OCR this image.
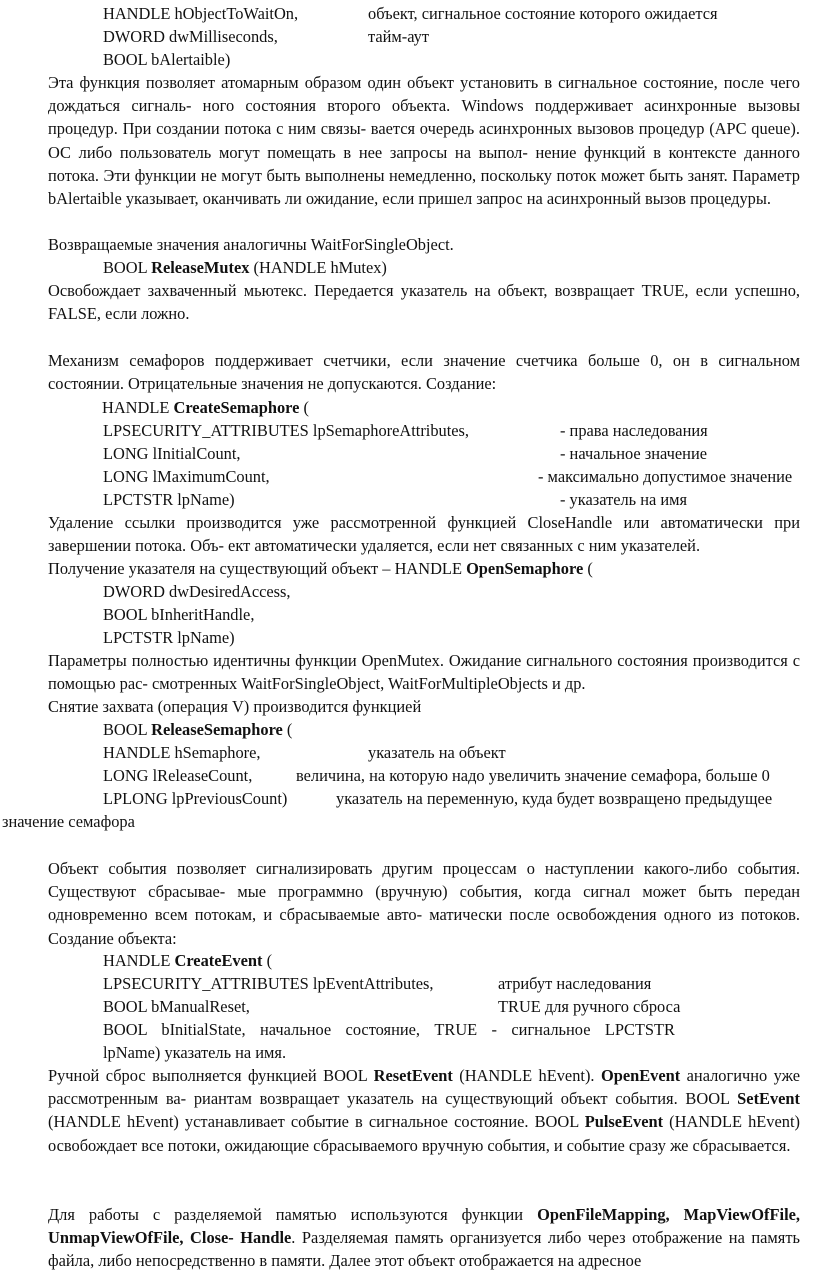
HANDLE hObjectToWaitOn,	объект, сигнальное состояние которого ожидается
DWORD dwMilliseconds,	тайм-аут
BOOL bAlertaible)
Эта функция позволяет атомарным образом один объект установить в сигнальное состояние, после чего дождаться сигналь- ного состояния второго объекта. Windows поддерживает асинхронные вызовы процедур. При создании потока с ним связы- вается очередь асинхронных вызовов процедур (APC queue). ОС либо пользователь могут помещать в нее запросы на выпол- нение функций в контексте данного потока. Эти функции не могут быть выполнены немедленно, поскольку поток может быть занят. Параметр bAlertaible указывает, оканчивать ли ожидание, если пришел запрос на асинхронный вызов процедуры.
Возвращаемые значения аналогичны WaitForSingleObject.
BOOL ReleaseMutex (HANDLE hMutex)
Освобождает захваченный мьютекс. Передается указатель на объект, возвращает TRUE, если успешно, FALSE, если ложно.
Механизм семафоров поддерживает счетчики, если значение счетчика больше 0, он в сигнальном состоянии. Отрицательные значения не допускаются. Создание:
HANDLE CreateSemaphore (
LPSECURITY_ATTRIBUTES lpSemaphoreAttributes,	- права наследования
LONG lInitialCount,	- начальное значение
LONG lMaximumCount,	- максимально допустимое значение
LPCTSTR lpName)	- указатель на имя
Удаление ссылки производится уже рассмотренной функцией CloseHandle или автоматически при завершении потока. Объ- ект автоматически удаляется, если нет связанных с ним указателей.
Получение указателя на существующий объект – HANDLE OpenSemaphore (
DWORD dwDesiredAccess,
BOOL bInheritHandle,
LPCTSTR lpName)
Параметры полностью идентичны функции OpenMutex. Ожидание сигнального состояния производится с помощью рас- смотренных WaitForSingleObject, WaitForMultipleObjects и др.
Снятие захвата (операция V) производится функцией
BOOL ReleaseSemaphore (
HANDLE hSemaphore,	указатель на объект
LONG lReleaseCount,	величина, на которую надо увеличить значение семафора, больше 0
LPLONG lpPreviousCount)	указатель на переменную, куда будет возвращено предыдущее
значение семафора
Объект события позволяет сигнализировать другим процессам о наступлении какого-либо события. Существуют сбрасывае- мые программно (вручную) события, когда сигнал может быть передан одновременно всем потокам, и сбрасываемые авто- матически после освобождения одного из потоков. Создание объекта:
HANDLE CreateEvent (
LPSECURITY_ATTRIBUTES lpEventAttributes,	атрибут наследования
BOOL bManualReset,	TRUE для ручного сброса
BOOL bInitialState, начальное состояние, TRUE - сигнальное LPCTSTR
lpName) указатель на имя.
Ручной сброс выполняется функцией BOOL ResetEvent (HANDLE hEvent). OpenEvent аналогично уже рассмотренным ва- риантам возвращает указатель на существующий объект события. BOOL SetEvent (HANDLE hEvent) устанавливает событие в сигнальное состояние. BOOL PulseEvent (HANDLE hEvent) освобождает все потоки, ожидающие сбрасываемого вручную события, и событие сразу же сбрасывается.
Для работы с разделяемой памятью используются функции OpenFileMapping, MapViewOfFile, UnmapViewOfFile, Close- Handle. Разделяемая память организуется либо через отображение на память файла, либо непосредственно в памяти. Далее этот объект отображается на адресное
